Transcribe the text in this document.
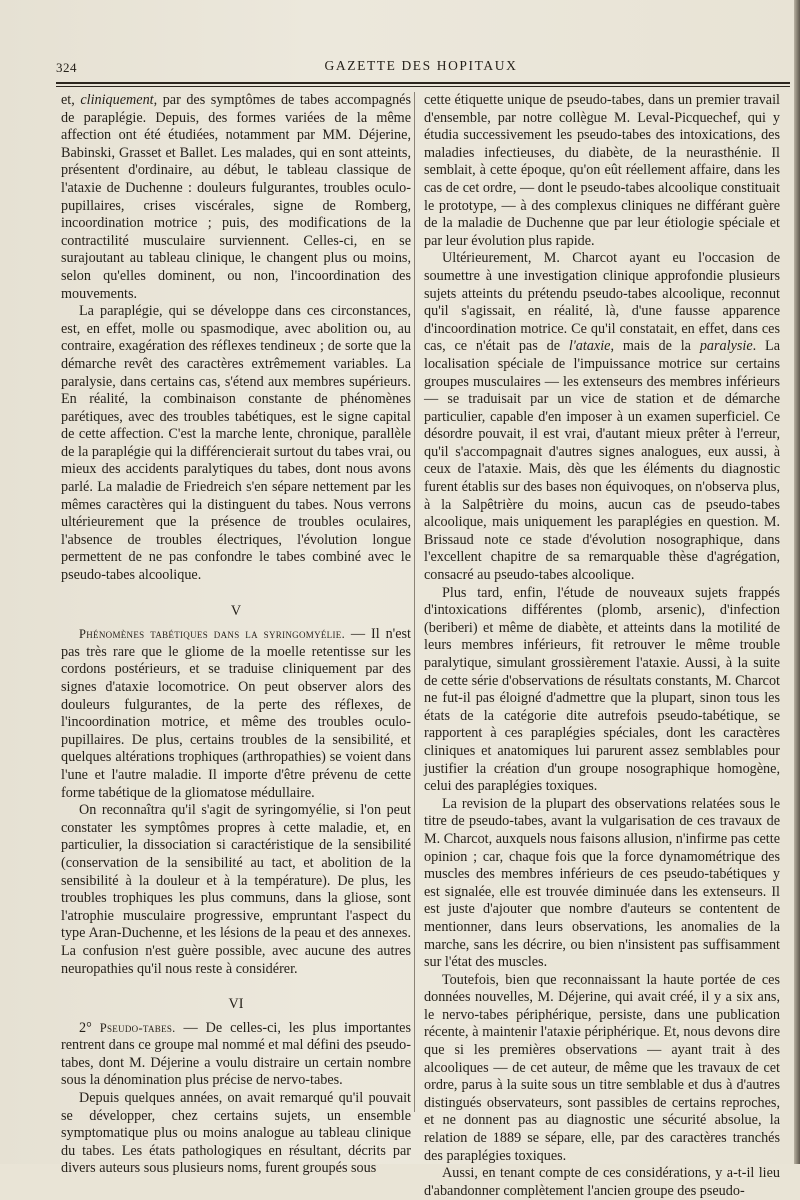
324	GAZETTE DES HOPITAUX

et, cliniquement, par des symptômes de tabes accompagnés de paraplégie. Depuis, des formes variées de la même affection ont été étudiées, notamment par MM. Déjerine, Babinski, Grasset et Ballet. Les malades, qui en sont atteints, présentent d'ordinaire, au début, le tableau classique de l'ataxie de Duchenne : douleurs fulgurantes, troubles oculo-pupillaires, crises viscérales, signe de Romberg, incoordination motrice ; puis, des modifications de la contractilité musculaire surviennent. Celles-ci, en se surajoutant au tableau clinique, le changent plus ou moins, selon qu'elles dominent, ou non, l'incoordination des mouvements.

La paraplégie, qui se développe dans ces circonstances, est, en effet, molle ou spasmodique, avec abolition ou, au contraire, exagération des réflexes tendineux ; de sorte que la démarche revêt des caractères extrêmement variables. La paralysie, dans certains cas, s'étend aux membres supérieurs. En réalité, la combinaison constante de phénomènes parétiques, avec des troubles tabétiques, est le signe capital de cette affection. C'est la marche lente, chronique, parallèle de la paraplégie qui la différencierait surtout du tabes vrai, ou mieux des accidents paralytiques du tabes, dont nous avons parlé. La maladie de Friedreich s'en sépare nettement par les mêmes caractères qui la distinguent du tabes. Nous verrons ultérieurement que la présence de troubles oculaires, l'absence de troubles électriques, l'évolution longue permettent de ne pas confondre le tabes combiné avec le pseudo-tabes alcoolique.

V

Phénomènes tabétiques dans la syringomyélie. — Il n'est pas très rare que le gliome de la moelle retentisse sur les cordons postérieurs, et se traduise cliniquement par des signes d'ataxie locomotrice. On peut observer alors des douleurs fulgurantes, de la perte des réflexes, de l'incoordination motrice, et même des troubles oculo-pupillaires. De plus, certains troubles de la sensibilité, et quelques altérations trophiques (arthropathies) se voient dans l'une et l'autre maladie. Il importe d'être prévenu de cette forme tabétique de la gliomatose médullaire.

On reconnaîtra qu'il s'agit de syringomyélie, si l'on peut constater les symptômes propres à cette maladie, et, en particulier, la dissociation si caractéristique de la sensibilité (conservation de la sensibilité au tact, et abolition de la sensibilité à la douleur et à la température). De plus, les troubles trophiques les plus communs, dans la gliose, sont l'atrophie musculaire progressive, empruntant l'aspect du type Aran-Duchenne, et les lésions de la peau et des annexes. La confusion n'est guère possible, avec aucune des autres neuropathies qu'il nous reste à considérer.

VI

2° Pseudo-tabes. — De celles-ci, les plus importantes rentrent dans ce groupe mal nommé et mal défini des pseudo-tabes, dont M. Déjerine a voulu distraire un certain nombre sous la dénomination plus précise de nervo-tabes.

Depuis quelques années, on avait remarqué qu'il pouvait se développer, chez certains sujets, un ensemble symptomatique plus ou moins analogue au tableau clinique du tabes. Les états pathologiques en résultant, décrits par divers auteurs sous plusieurs noms, furent groupés sous

cette étiquette unique de pseudo-tabes, dans un premier travail d'ensemble, par notre collègue M. Leval-Picquechef, qui y étudia successivement les pseudo-tabes des intoxications, des maladies infectieuses, du diabète, de la neurasthénie. Il semblait, à cette époque, qu'on eût réellement affaire, dans les cas de cet ordre, — dont le pseudo-tabes alcoolique constituait le prototype, — à des complexus cliniques ne différant guère de la maladie de Duchenne que par leur étiologie spéciale et par leur évolution plus rapide.

Ultérieurement, M. Charcot ayant eu l'occasion de soumettre à une investigation clinique approfondie plusieurs sujets atteints du prétendu pseudo-tabes alcoolique, reconnut qu'il s'agissait, en réalité, là, d'une fausse apparence d'incoordination motrice. Ce qu'il constatait, en effet, dans ces cas, ce n'était pas de l'ataxie, mais de la paralysie. La localisation spéciale de l'impuissance motrice sur certains groupes musculaires — les extenseurs des membres inférieurs — se traduisait par un vice de station et de démarche particulier, capable d'en imposer à un examen superficiel. Ce désordre pouvait, il est vrai, d'autant mieux prêter à l'erreur, qu'il s'accompagnait d'autres signes analogues, eux aussi, à ceux de l'ataxie. Mais, dès que les éléments du diagnostic furent établis sur des bases non équivoques, on n'observa plus, à la Salpêtrière du moins, aucun cas de pseudo-tabes alcoolique, mais uniquement les paraplégies en question. M. Brissaud note ce stade d'évolution nosographique, dans l'excellent chapitre de sa remarquable thèse d'agrégation, consacré au pseudo-tabes alcoolique.

Plus tard, enfin, l'étude de nouveaux sujets frappés d'intoxications différentes (plomb, arsenic), d'infection (beriberi) et même de diabète, et atteints dans la motilité de leurs membres inférieurs, fit retrouver le même trouble paralytique, simulant grossièrement l'ataxie. Aussi, à la suite de cette série d'observations de résultats constants, M. Charcot ne fut-il pas éloigné d'admettre que la plupart, sinon tous les états de la catégorie dite autrefois pseudo-tabétique, se rapportent à ces paraplégies spéciales, dont les caractères cliniques et anatomiques lui parurent assez semblables pour justifier la création d'un groupe nosographique homogène, celui des paraplégies toxiques.

La revision de la plupart des observations relatées sous le titre de pseudo-tabes, avant la vulgarisation de ces travaux de M. Charcot, auxquels nous faisons allusion, n'infirme pas cette opinion ; car, chaque fois que la force dynamométrique des muscles des membres inférieurs de ces pseudo-tabétiques y est signalée, elle est trouvée diminuée dans les extenseurs. Il est juste d'ajouter que nombre d'auteurs se contentent de mentionner, dans leurs observations, les anomalies de la marche, sans les décrire, ou bien n'insistent pas suffisamment sur l'état des muscles.

Toutefois, bien que reconnaissant la haute portée de ces données nouvelles, M. Déjerine, qui avait créé, il y a six ans, le nervo-tabes périphérique, persiste, dans une publication récente, à maintenir l'ataxie périphérique. Et, nous devons dire que si les premières observations — ayant trait à des alcooliques — de cet auteur, de même que les travaux de cet ordre, parus à la suite sous un titre semblable et dus à d'autres distingués observateurs, sont passibles de certains reproches, et ne donnent pas au diagnostic une sécurité absolue, la relation de 1889 se sépare, elle, par des caractères tranchés des paraplégies toxiques.

Aussi, en tenant compte de ces considérations, y a-t-il lieu d'abandonner complètement l'ancien groupe des pseudo-
